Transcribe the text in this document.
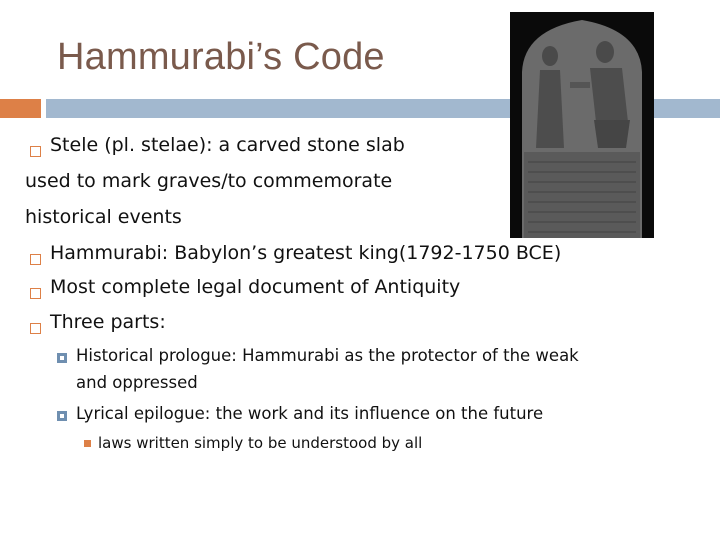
Hammurabi’s Code
Stele (pl. stelae): a carved stone slab
used to mark graves/to commemorate
historical events
Hammurabi: Babylon’s greatest king(1792-1750 BCE)
Most complete legal document of Antiquity
Three parts:
Historical prologue: Hammurabi as the protector of the weak
and oppressed
Lyrical epilogue: the work and its influence on the future
laws written simply to be understood by all
